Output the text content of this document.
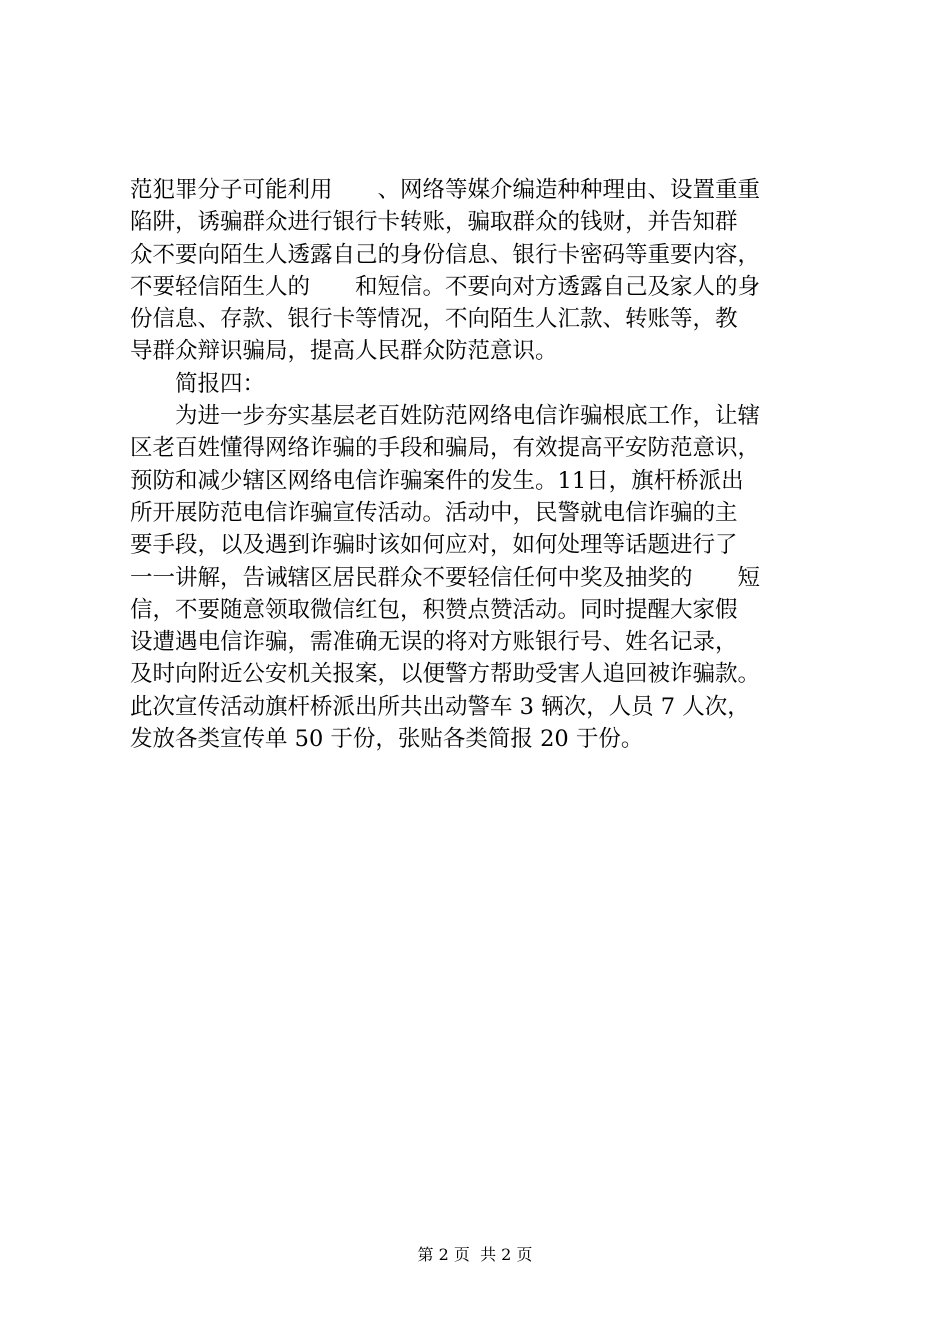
范犯罪分子可能利用　　、网络等媒介编造种种理由、设置重重
陷阱，诱骗群众进行银行卡转账，骗取群众的钱财，并告知群
众不要向陌生人透露自己的身份信息、银行卡密码等重要内容，
不要轻信陌生人的　　和短信。不要向对方透露自己及家人的身
份信息、存款、银行卡等情况，不向陌生人汇款、转账等，教
导群众辩识骗局，提高人民群众防范意识。
　　简报四：
　　为进一步夯实基层老百姓防范网络电信诈骗根底工作，让辖
区老百姓懂得网络诈骗的手段和骗局，有效提高平安防范意识，
预防和减少辖区网络电信诈骗案件的发生。11日，旗杆桥派出
所开展防范电信诈骗宣传活动。活动中，民警就电信诈骗的主
要手段，以及遇到诈骗时该如何应对，如何处理等话题进行了
一一讲解，告诫辖区居民群众不要轻信任何中奖及抽奖的　　短
信，不要随意领取微信红包，积赞点赞活动。同时提醒大家假
设遭遇电信诈骗，需准确无误的将对方账银行号、姓名记录，
及时向附近公安机关报案，以便警方帮助受害人追回被诈骗款。
此次宣传活动旗杆桥派出所共出动警车 3 辆次，人员 7 人次，
发放各类宣传单 50 于份，张贴各类简报 20 于份。
第 2 页  共 2 页
